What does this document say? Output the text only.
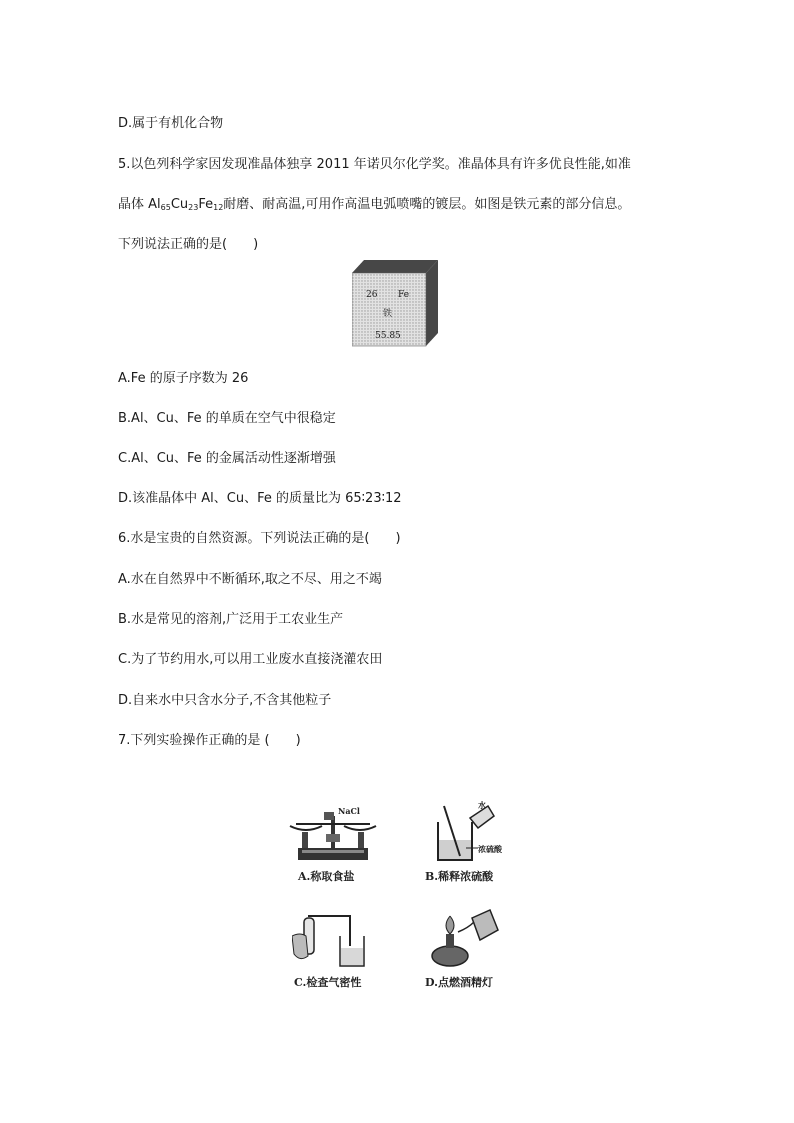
D.属于有机化合物
5.以色列科学家因发现准晶体独享 2011 年诺贝尔化学奖。准晶体具有许多优良性能,如准
晶体 $Al_{65}Cu_{23}Fe_{12}$耐磨、耐高温,可用作高温电弧喷嘴的镀层。如图是铁元素的部分信息。
下列说法正确的是(　　)
26 Fe
铁
55.85
A.Fe 的原子序数为 26
B.Al、Cu、Fe 的单质在空气中很稳定
C.Al、Cu、Fe 的金属活动性逐渐增强
D.该准晶体中 Al、Cu、Fe 的质量比为 65∶23∶12
6.水是宝贵的自然资源。下列说法正确的是(　　)
A.水在自然界中不断循环,取之不尽、用之不竭
B.水是常见的溶剂,广泛用于工农业生产
C.为了节约用水,可以用工业废水直接浇灌农田
D.自来水中只含水分子,不含其他粒子
7.下列实验操作正确的是 (　　)
NaCl
A.称取食盐
水
浓硫酸
B.稀释浓硫酸
C.检查气密性	D.点燃酒精灯
